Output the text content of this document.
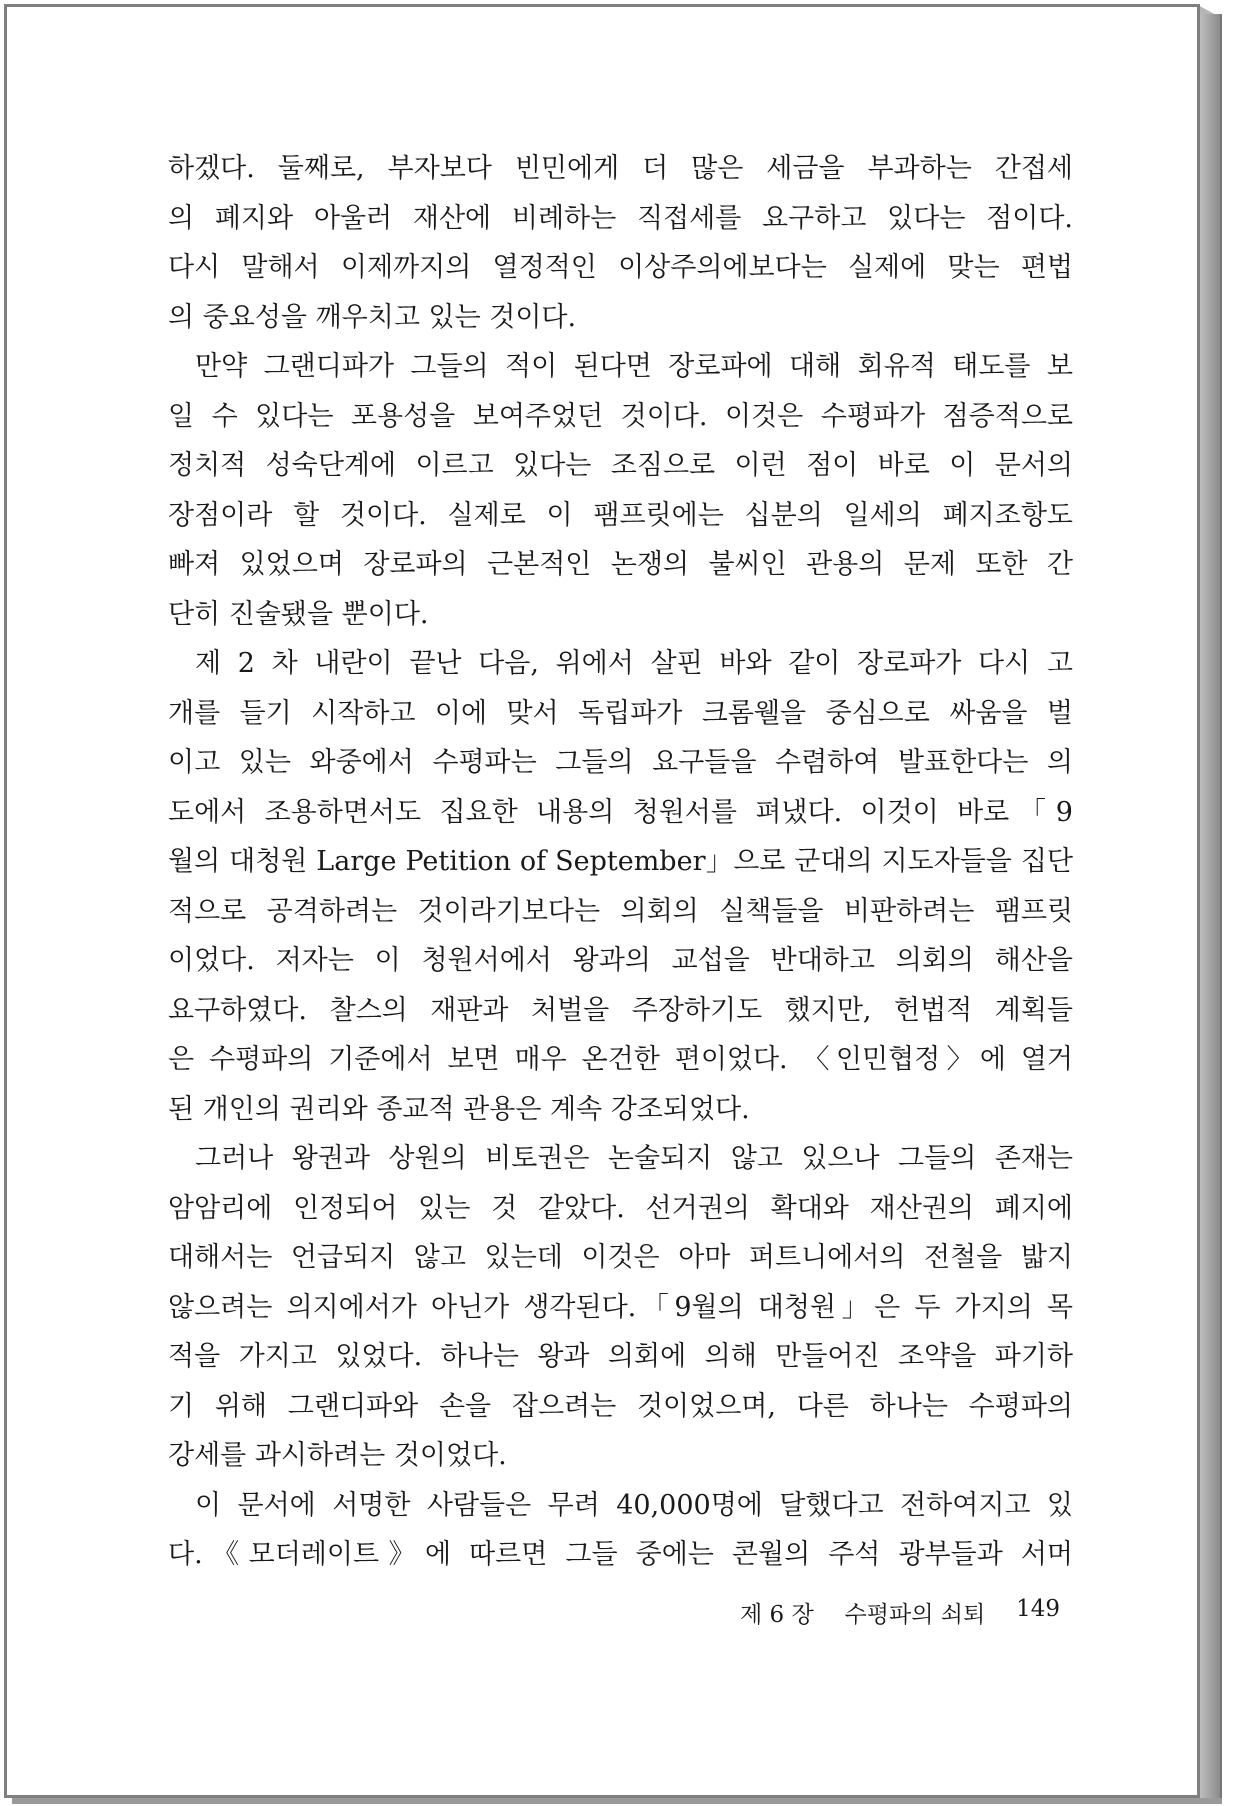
하겠다. 둘째로, 부자보다 빈민에게 더 많은 세금을 부과하는 간접세
의 폐지와 아울러 재산에 비례하는 직접세를 요구하고 있다는 점이다.
다시 말해서 이제까지의 열정적인 이상주의에보다는 실제에 맞는 편법
의 중요성을 깨우치고 있는 것이다.
만약 그랜디파가 그들의 적이 된다면 장로파에 대해 회유적 태도를 보
일 수 있다는 포용성을 보여주었던 것이다. 이것은 수평파가 점증적으로
정치적 성숙단계에 이르고 있다는 조짐으로 이런 점이 바로 이 문서의
장점이라 할 것이다. 실제로 이 팸프릿에는 십분의 일세의 폐지조항도
빠져 있었으며 장로파의 근본적인 논쟁의 불씨인 관용의 문제 또한 간
단히 진술됐을 뿐이다.
제 2 차 내란이 끝난 다음, 위에서 살핀 바와 같이 장로파가 다시 고
개를 들기 시작하고 이에 맞서 독립파가 크롬웰을 중심으로 싸움을 벌
이고 있는 와중에서 수평파는 그들의 요구들을 수렴하여 발표한다는 의
도에서 조용하면서도 집요한 내용의 청원서를 펴냈다. 이것이 바로「9
월의 대청원 Large Petition of September」으로 군대의 지도자들을 집단
적으로 공격하려는 것이라기보다는 의회의 실책들을 비판하려는 팸프릿
이었다. 저자는 이 청원서에서 왕과의 교섭을 반대하고 의회의 해산을
요구하였다. 찰스의 재판과 처벌을 주장하기도 했지만, 헌법적 계획들
은 수평파의 기준에서 보면 매우 온건한 편이었다. 〈인민협정〉에 열거
된 개인의 권리와 종교적 관용은 계속 강조되었다.
그러나 왕권과 상원의 비토권은 논술되지 않고 있으나 그들의 존재는
암암리에 인정되어 있는 것 같았다. 선거권의 확대와 재산권의 폐지에
대해서는 언급되지 않고 있는데 이것은 아마 퍼트니에서의 전철을 밟지
않으려는 의지에서가 아닌가 생각된다.「9월의 대청원」은 두 가지의 목
적을 가지고 있었다. 하나는 왕과 의회에 의해 만들어진 조약을 파기하
기 위해 그랜디파와 손을 잡으려는 것이었으며, 다른 하나는 수평파의
강세를 과시하려는 것이었다.
이 문서에 서명한 사람들은 무려 40,000명에 달했다고 전하여지고 있
다.《모더레이트》에 따르면 그들 중에는 콘월의 주석 광부들과 서머
제 6 장 수평파의 쇠퇴 149
